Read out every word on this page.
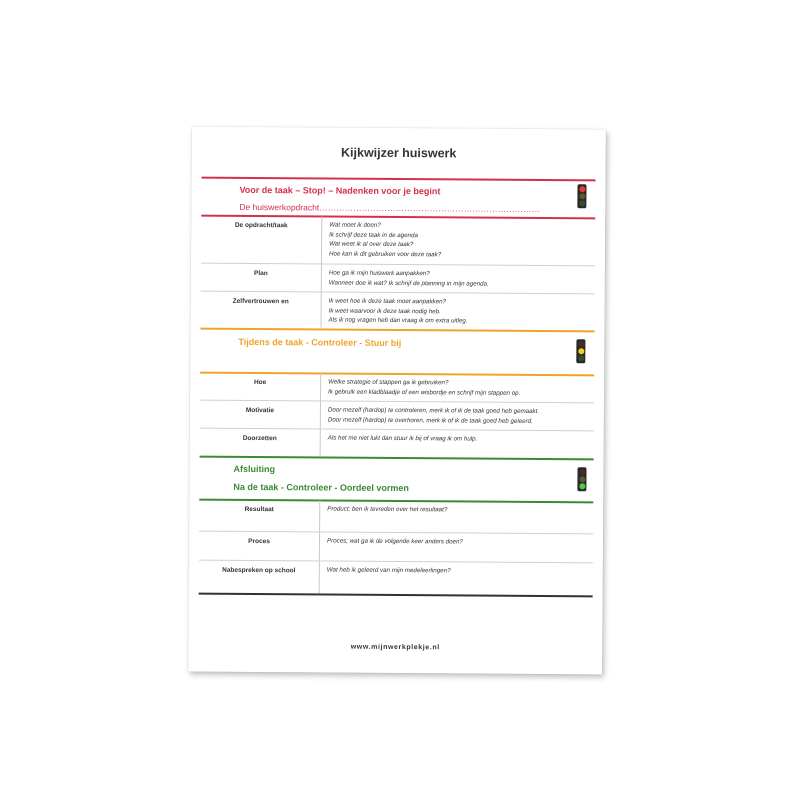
Kijkwijzer huiswerk
Voor de taak – Stop! – Nadenken voor je begint
De huiswerkopdracht……………………………………………………………………
De opdracht/taak	Wat moet ik doen?
Ik schrijf deze taak in de agenda
Wat weet ik al over deze taak?
Hoe kan ik dit gebruiken voor deze taak?
Plan	Hoe ga ik mijn huiswerk aanpakken?
Wanneer doe ik wat? Ik schrijf de planning in mijn agenda.
Zelfvertrouwen en	Ik weet hoe ik deze taak moet aanpakken?
Ik weet waarvoor ik deze taak nodig heb.
Als ik nog vragen heb dan vraag ik om extra uitleg.
Tijdens de taak - Controleer - Stuur bij
Hoe	Welke strategie of stappen ga ik gebruiken?
Ik gebruik een kladblaadje of een wisbordje en schrijf mijn stappen op.
Motivatie	Door mezelf (hardop) te controleren, merk ik of ik de taak goed heb gemaakt.
Door mezelf (hardop) te overhoren, merk ik of ik de taak goed heb geleerd.
Doorzetten	Als het me niet lukt dan stuur ik bij of vraag ik om hulp.
Afsluiting
Na de taak - Controleer - Oordeel vormen
Resultaat	Product; ben ik tevreden over het resultaat?
Proces	Proces; wat ga ik de volgende keer anders doen?
Nabespreken op school	Wat heb ik geleerd van mijn medeleerlingen?
www.mijnwerkplekje.nl
